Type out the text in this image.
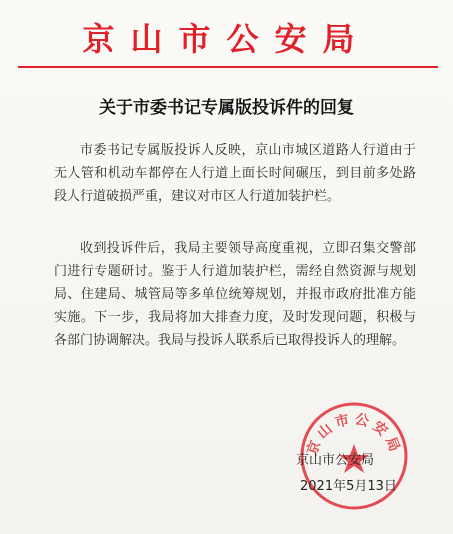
京山市公安局
关于市委书记专属版投诉件的回复
市委书记专属版投诉人反映，京山市城区道路人行道由于无人管和机动车都停在人行道上面长时间碾压，到目前多处路段人行道破损严重，建议对市区人行道加装护栏。
收到投诉件后，我局主要领导高度重视，立即召集交警部门进行专题研讨。鉴于人行道加装护栏，需经自然资源与规划局、住建局、城管局等多单位统筹规划，并报市政府批准方能实施。下一步，我局将加大排查力度，及时发现问题，积极与各部门协调解决。我局与投诉人联系后已取得投诉人的理解。
京山市公安局
京山市公安局
2021年5月13日
